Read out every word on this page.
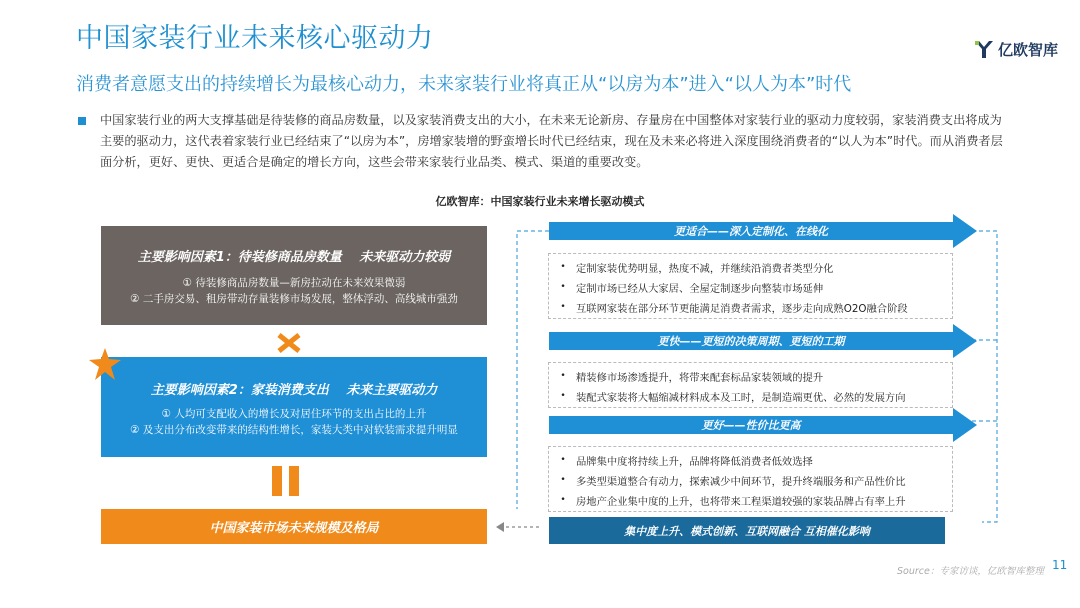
中国家装行业未来核心驱动力
消费者意愿支出的持续增长为最核心动力，未来家装行业将真正从“以房为本”进入“以人为本”时代
亿欧智库
中国家装行业的两大支撑基础是待装修的商品房数量，以及家装消费支出的大小，在未来无论新房、存量房在中国整体对家装行业的驱动力度较弱，家装消费支出将成为主要的驱动力，这代表着家装行业已经结束了“以房为本”，房增家装增的野蛮增长时代已经结束，现在及未来必将进入深度围绕消费者的“以人为本”时代。而从消费者层面分析，更好、更快、更适合是确定的增长方向，这些会带来家装行业品类、模式、渠道的重要改变。
亿欧智库：中国家装行业未来增长驱动模式
主要影响因素1：待装修商品房数量　 未来驱动力较弱
① 待装修商品房数量—新房拉动在未来效果微弱
② 二手房交易、租房带动存量装修市场发展，整体浮动、高线城市强劲
主要影响因素2：家装消费支出　 未来主要驱动力
① 人均可支配收入的增长及对居住环节的支出占比的上升
② 及支出分布改变带来的结构性增长，家装大类中对软装需求提升明显
中国家装市场未来规模及格局
更适合——深入定制化、在线化
• 定制家装优势明显，热度不减，并继续沿消费者类型分化
• 定制市场已经从大家居、全屋定制逐步向整装市场延伸
• 互联网家装在部分环节更能满足消费者需求，逐步走向成熟O2O融合阶段
更快——更短的决策周期、更短的工期
• 精装修市场渗透提升，将带来配套标品家装领域的提升
• 装配式家装将大幅缩减材料成本及工时，是制造端更优、必然的发展方向
更好——性价比更高
• 品牌集中度将持续上升，品牌将降低消费者低效选择
• 多类型渠道整合有动力，探索减少中间环节，提升终端服务和产品性价比
• 房地产企业集中度的上升，也将带来工程渠道较强的家装品牌占有率上升
集中度上升、模式创新、互联网融合 互相催化影响
Source：专家访谈，亿欧智库整理 11
